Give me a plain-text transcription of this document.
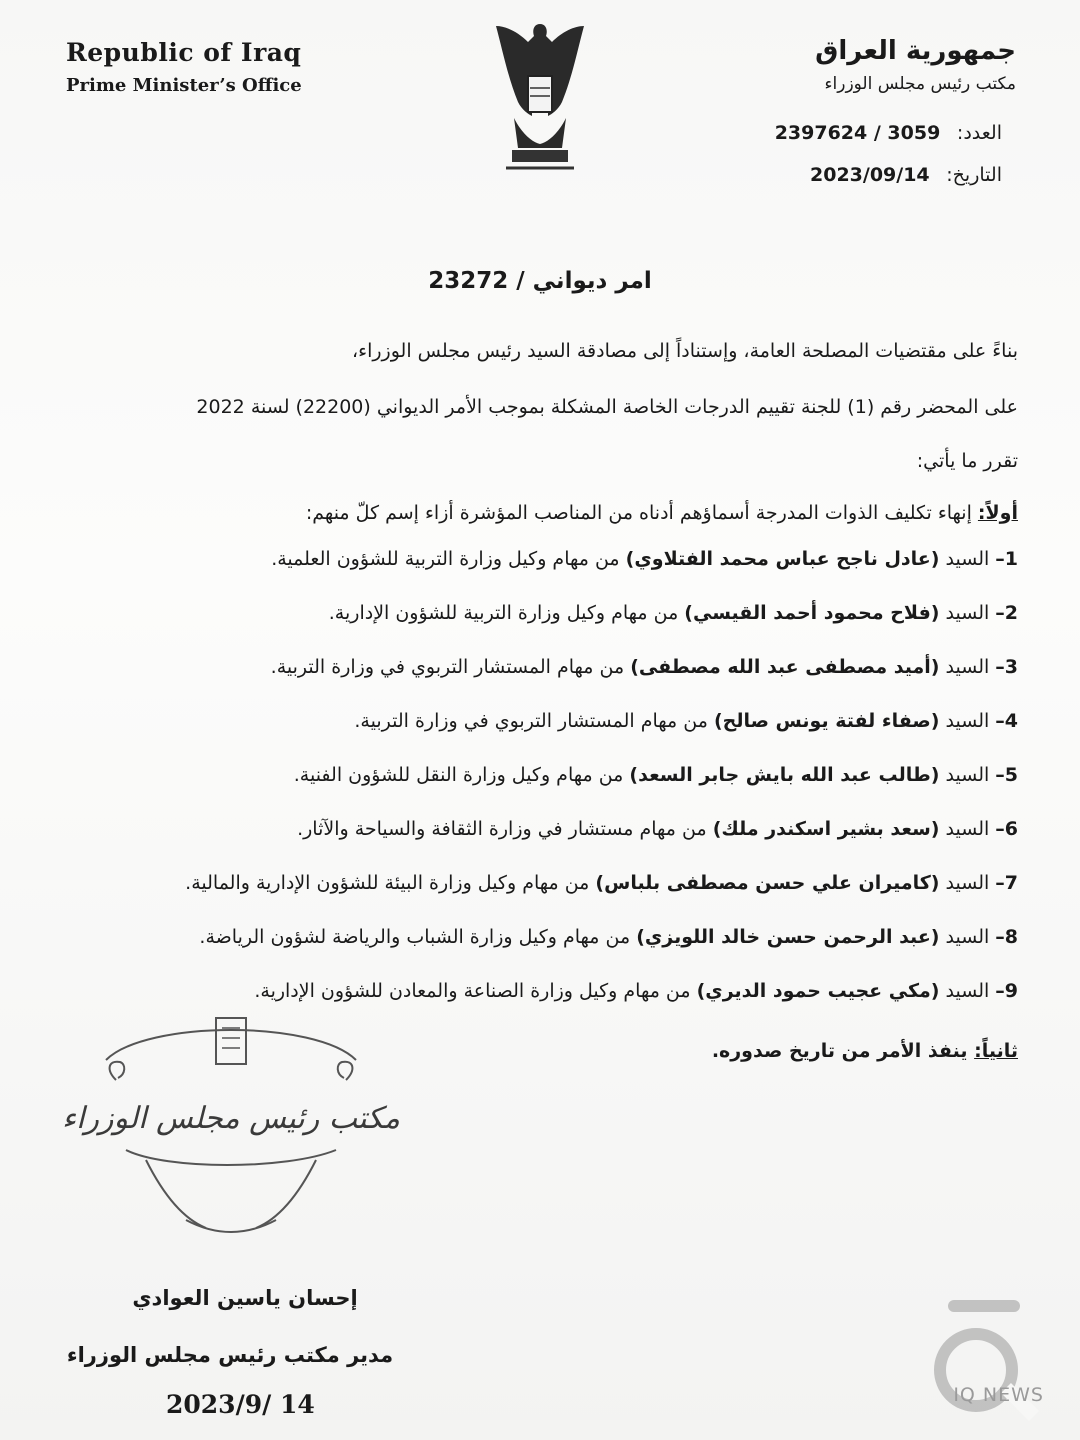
Republic of Iraq
Prime Minister’s Office
جمهورية العراق
مكتب رئيس مجلس الوزراء
العدد: 2397624 / 3059
التاريخ: 2023/09/14
امر ديواني / 23272
بناءً على مقتضيات المصلحة العامة، وإستناداً إلى مصادقة السيد رئيس مجلس الوزراء،
على المحضر رقم (1) للجنة تقييم الدرجات الخاصة المشكلة بموجب الأمر الديواني (22200) لسنة 2022
تقرر ما يأتي:
أولاً: إنهاء تكليف الذوات المدرجة أسماؤهم أدناه من المناصب المؤشرة أزاء إسم كلّ منهم:
1–السيد (عادل ناجح عباس محمد الفتلاوي) من مهام وكيل وزارة التربية للشؤون العلمية.
2–السيد (فلاح محمود أحمد القيسي) من مهام وكيل وزارة التربية للشؤون الإدارية.
3–السيد (أميد مصطفى عبد الله مصطفى) من مهام المستشار التربوي في وزارة التربية.
4–السيد (صفاء لفتة يونس صالح) من مهام المستشار التربوي في وزارة التربية.
5–السيد (طالب عبد الله بايش جابر السعد) من مهام وكيل وزارة النقل للشؤون الفنية.
6–السيد (سعد بشير اسكندر ملك) من مهام مستشار في وزارة الثقافة والسياحة والآثار.
7–السيد (كاميران علي حسن مصطفى بلباس) من مهام وكيل وزارة البيئة للشؤون الإدارية والمالية.
8–السيد (عبد الرحمن حسن خالد اللويزي) من مهام وكيل وزارة الشباب والرياضة لشؤون الرياضة.
9–السيد (مكي عجيب حمود الديري) من مهام وكيل وزارة الصناعة والمعادن للشؤون الإدارية.
ثانياً: ينفذ الأمر من تاريخ صدوره.
مكتب رئيس مجلس الوزراء
إحسان ياسين العوادي
مدير مكتب رئيس مجلس الوزراء
2023/9/ 14	IQ NEWS
